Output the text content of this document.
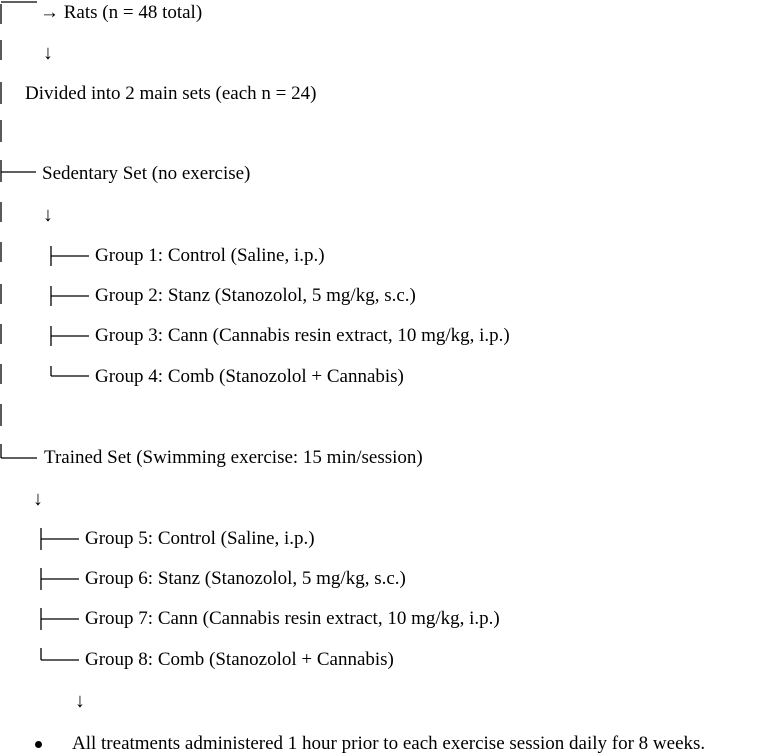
→ Rats (n = 48 total)
↓
Divided into 2 main sets (each n = 24)
Sedentary Set (no exercise)
↓
Group 1: Control (Saline, i.p.)
Group 2: Stanz (Stanozolol, 5 mg/kg, s.c.)
Group 3: Cann (Cannabis resin extract, 10 mg/kg, i.p.)
Group 4: Comb (Stanozolol + Cannabis)
Trained Set (Swimming exercise: 15 min/session)
↓
Group 5: Control (Saline, i.p.)
Group 6: Stanz (Stanozolol, 5 mg/kg, s.c.)
Group 7: Cann (Cannabis resin extract, 10 mg/kg, i.p.)
Group 8: Comb (Stanozolol + Cannabis)
↓
All treatments administered 1 hour prior to each exercise session daily for 8 weeks.
